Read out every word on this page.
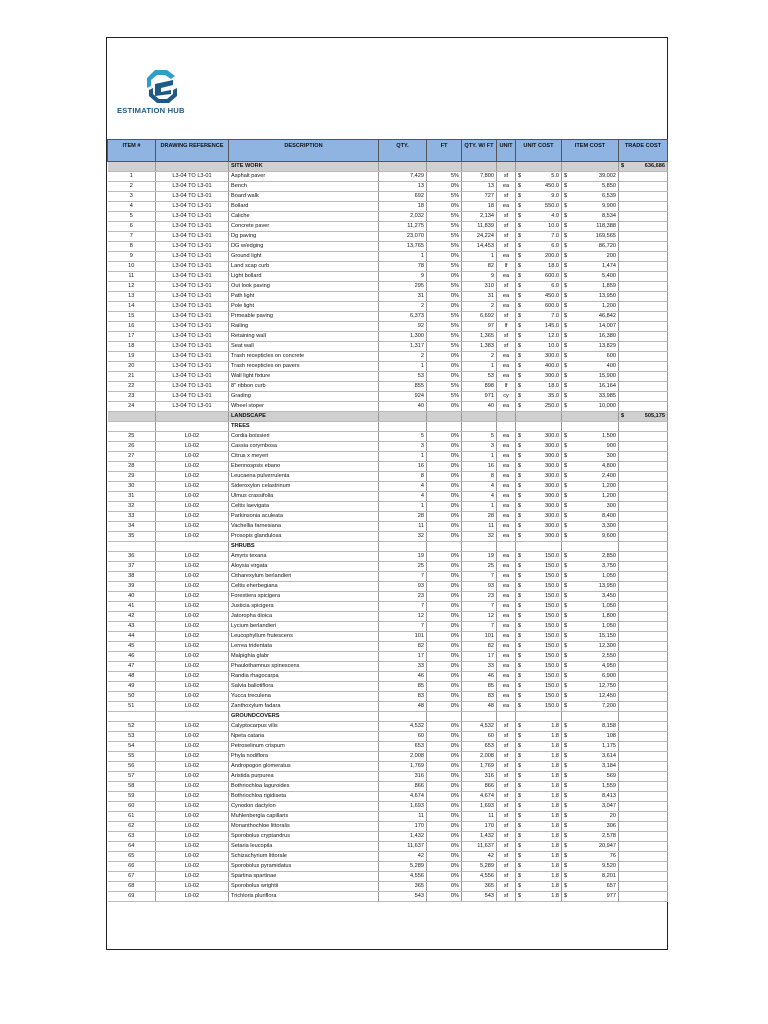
ESTIMATION HUB
ITEM #	DRAWING REFERENCE	DESCRIPTION	QTY.	FT	QTY. W/ FT	UNIT	UNIT COST	ITEM COST	TRADE COST
		SITE WORK							$ 636,686
1	L3-04 TO L3-01	Asphalt paver	7,429	5%	7,800	sf	$ 5.0	$ 39,002	
2	L3-04 TO L3-01	Bench	13	0%	13	ea	$ 450.0	$ 5,850	
3	L3-04 TO L3-01	Board walk	692	5%	727	sf	$ 9.0	$ 6,539	
4	L3-04 TO L3-01	Bollard	18	0%	18	ea	$ 550.0	$ 9,900	
5	L3-04 TO L3-01	Caliche	2,032	5%	2,134	sf	$ 4.0	$ 8,534	
6	L3-04 TO L3-01	Concrete paver	11,275	5%	11,839	sf	$ 10.0	$ 118,388	
7	L3-04 TO L3-01	Dg paving	23,070	5%	24,224	sf	$ 7.0	$ 169,565	
8	L3-04 TO L3-01	DG w/edging	13,765	5%	14,453	sf	$ 6.0	$ 86,720	
9	L3-04 TO L3-01	Ground light	1	0%	1	ea	$ 200.0	$ 200	
10	L3-04 TO L3-01	Land scap curb	78	5%	82	lf	$ 18.0	$ 1,474	
11	L3-04 TO L3-01	Light bollard	9	0%	9	ea	$ 600.0	$ 5,400	
12	L3-04 TO L3-01	Out look paving	295	5%	310	sf	$ 6.0	$ 1,859	
13	L3-04 TO L3-01	Path light	31	0%	31	ea	$ 450.0	$ 13,950	
14	L3-04 TO L3-01	Pole light	2	0%	2	ea	$ 600.0	$ 1,200	
15	L3-04 TO L3-01	Prmeable paving	6,373	5%	6,692	sf	$ 7.0	$ 46,842	
16	L3-04 TO L3-01	Railing	92	5%	97	lf	$ 145.0	$ 14,007	
17	L3-04 TO L3-01	Retaining wall	1,300	5%	1,365	sf	$ 12.0	$ 16,380	
18	L3-04 TO L3-01	Seat wall	1,317	5%	1,383	sf	$ 10.0	$ 13,829	
19	L3-04 TO L3-01	Trash recepticles on concrete	2	0%	2	ea	$ 300.0	$ 600	
20	L3-04 TO L3-01	Trash recepticles on pavers	1	0%	1	ea	$ 400.0	$ 400	
21	L3-04 TO L3-01	Wall light fixture	53	0%	53	ea	$ 300.0	$ 15,900	
22	L3-04 TO L3-01	8" ribbon curb	855	5%	898	lf	$ 18.0	$ 16,164	
23	L3-04 TO L3-01	Grading	924	5%	971	cy	$ 35.0	$ 33,985	
24	L3-04 TO L3-01	Wheel stoper	40	0%	40	ea	$ 250.0	$ 10,000	
		LANDSCAPE							$ 505,175
		TREES							
25	L0-02	Cordia boissieri	5	0%	5	ea	$ 300.0	$ 1,500	
26	L0-02	Cassia corymbosa	3	0%	3	ea	$ 300.0	$ 900	
27	L0-02	Citrus x meyeri	1	0%	1	ea	$ 300.0	$ 300	
28	L0-02	Ebennospsis ebano	16	0%	16	ea	$ 300.0	$ 4,800	
29	L0-02	Leucaena pulverrulenta	8	0%	8	ea	$ 300.0	$ 2,400	
30	L0-02	Sideroxylon celastrinum	4	0%	4	ea	$ 300.0	$ 1,200	
31	L0-02	Ulmus crassifolia	4	0%	4	ea	$ 300.0	$ 1,200	
32	L0-02	Celtis laevigata	1	0%	1	ea	$ 300.0	$ 300	
33	L0-02	Parkinsonia aculeata	28	0%	28	ea	$ 300.0	$ 8,400	
34	L0-02	Vachellia farnesiana	11	0%	11	ea	$ 300.0	$ 3,300	
35	L0-02	Prosopis glandulosa	32	0%	32	ea	$ 300.0	$ 9,600	
		SHRUBS							
36	L0-02	Amyris texana	19	0%	19	ea	$ 150.0	$ 2,850	
37	L0-02	Aloysia virgata	25	0%	25	ea	$ 150.0	$ 3,750	
38	L0-02	Citharexylum berlandieri	7	0%	7	ea	$ 150.0	$ 1,050	
39	L0-02	Celtis eherbegiana	93	0%	93	ea	$ 150.0	$ 13,950	
40	L0-02	Forestiera spicigera	23	0%	23	ea	$ 150.0	$ 3,450	
41	L0-02	Justicia spicigera	7	0%	7	ea	$ 150.0	$ 1,050	
42	L0-02	Jatoropha dioica	12	0%	12	ea	$ 150.0	$ 1,800	
43	L0-02	Lycium berlandieri	7	0%	7	ea	$ 150.0	$ 1,050	
44	L0-02	Leucophyllum frutescens	101	0%	101	ea	$ 150.0	$ 15,150	
45	L0-02	Lerrea tridentata	82	0%	82	ea	$ 150.0	$ 12,300	
46	L0-02	Malpighia glabr	17	0%	17	ea	$ 150.0	$ 2,550	
47	L0-02	Phaulothamnus spinescens	33	0%	33	ea	$ 150.0	$ 4,950	
48	L0-02	Randia rhagocarpa	46	0%	46	ea	$ 150.0	$ 6,900	
49	L0-02	Salvia ballotiflora	85	0%	85	ea	$ 150.0	$ 12,750	
50	L0-02	Yucca treculena	83	0%	83	ea	$ 150.0	$ 12,450	
51	L0-02	Zanthoxylum fadara	48	0%	48	ea	$ 150.0	$ 7,200	
		GROUNDCOVERS							
52	L0-02	Calyptocarpus vilis	4,532	0%	4,532	sf	$ 1.8	$ 8,158	
53	L0-02	Npeta cataria	60	0%	60	sf	$ 1.8	$ 108	
54	L0-02	Petroselinum crispum	653	0%	653	sf	$ 1.8	$ 1,175	
55	L0-02	Phyla nodiflora	2,008	0%	2,008	sf	$ 1.8	$ 3,614	
56	L0-02	Andropogon glomeratus	1,769	0%	1,769	sf	$ 1.8	$ 3,184	
57	L0-02	Aristida purpurea	316	0%	316	sf	$ 1.8	$ 569	
58	L0-02	Bothriochloa laguroides	866	0%	866	sf	$ 1.8	$ 1,559	
59	L0-02	Bothriochloa rigidiseta	4,674	0%	4,674	sf	$ 1.8	$ 8,413	
60	L0-02	Cynodon dactylon	1,693	0%	1,693	sf	$ 1.8	$ 3,047	
61	L0-02	Muhlenbergia capillaris	11	0%	11	sf	$ 1.8	$ 20	
62	L0-02	Monanthochloe littoralis	170	0%	170	sf	$ 1.8	$ 306	
63	L0-02	Sporobolus cryptandrus	1,432	0%	1,432	sf	$ 1.8	$ 2,578	
64	L0-02	Setaria leucopila	11,637	0%	11,637	sf	$ 1.8	$ 20,947	
65	L0-02	Schizachyrium littorale	42	0%	42	sf	$ 1.8	$ 76	
66	L0-02	Sporobolus pyramidatus	5,289	0%	5,289	sf	$ 1.8	$ 9,520	
67	L0-02	Spartina spartinae	4,556	0%	4,556	sf	$ 1.8	$ 8,201	
68	L0-02	Sporobolus wrightii	365	0%	365	sf	$ 1.8	$ 657	
69	L0-02	Trichloris pluriflora	543	0%	543	sf	$ 1.8	$ 977	
